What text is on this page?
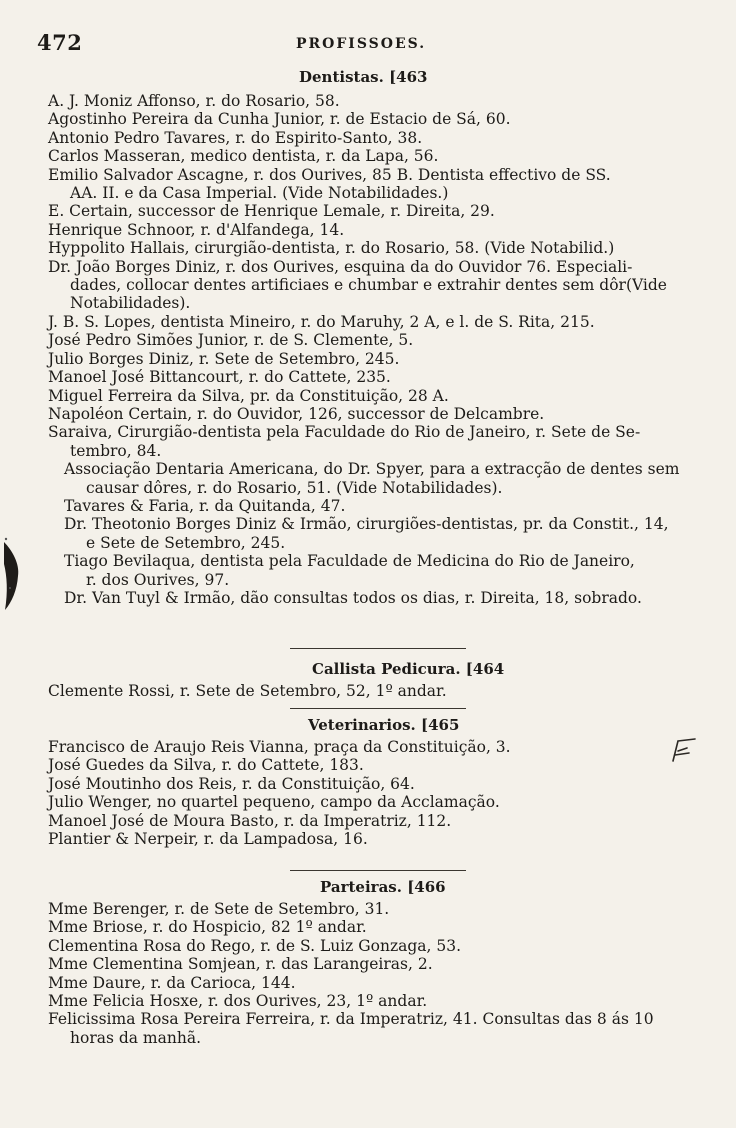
472	PROFISSOES.
Dentistas. [463
A. J. Moniz Affonso, r. do Rosario, 58.
Agostinho Pereira da Cunha Junior, r. de Estacio de Sá, 60.
Antonio Pedro Tavares, r. do Espirito-Santo, 38.
Carlos Masseran, medico dentista, r. da Lapa, 56.
Emilio Salvador Ascagne, r. dos Ourives, 85 B. Dentista effectivo de SS.
AA. II. e da Casa Imperial. (Vide Notabilidades.)
E. Certain, successor de Henrique Lemale, r. Direita, 29.
Henrique Schnoor, r. d'Alfandega, 14.
Hyppolito Hallais, cirurgião-dentista, r. do Rosario, 58. (Vide Notabilid.)
Dr. João Borges Diniz, r. dos Ourives, esquina da do Ouvidor 76. Especiali-
dades, collocar dentes artificiaes e chumbar e extrahir dentes sem dôr(Vide
Notabilidades).
J. B. S. Lopes, dentista Mineiro, r. do Maruhy, 2 A, e l. de S. Rita, 215.
José Pedro Simões Junior, r. de S. Clemente, 5.
Julio Borges Diniz, r. Sete de Setembro, 245.
Manoel José Bittancourt, r. do Cattete, 235.
Miguel Ferreira da Silva, pr. da Constituição, 28 A.
Napoléon Certain, r. do Ouvidor, 126, successor de Delcambre.
Saraiva, Cirurgião-dentista pela Faculdade do Rio de Janeiro, r. Sete de Se-
tembro, 84.
Associação Dentaria Americana, do Dr. Spyer, para a extracção de dentes sem
causar dôres, r. do Rosario, 51. (Vide Notabilidades).
Tavares & Faria, r. da Quitanda, 47.
Dr. Theotonio Borges Diniz & Irmão, cirurgiões-dentistas, pr. da Constit., 14,
e Sete de Setembro, 245.
Tiago Bevilaqua, dentista pela Faculdade de Medicina do Rio de Janeiro,
r. dos Ourives, 97.
Dr. Van Tuyl & Irmão, dão consultas todos os dias, r. Direita, 18, sobrado.
Callista Pedicura. [464
Clemente Rossi, r. Sete de Setembro, 52, 1º andar.
Veterinarios. [465
Francisco de Araujo Reis Vianna, praça da Constituição, 3.
José Guedes da Silva, r. do Cattete, 183.
José Moutinho dos Reis, r. da Constituição, 64.
Julio Wenger, no quartel pequeno, campo da Acclamação.
Manoel José de Moura Basto, r. da Imperatriz, 112.
Plantier & Nerpeir, r. da Lampadosa, 16.
Parteiras. [466
Mme Berenger, r. de Sete de Setembro, 31.
Mme Briose, r. do Hospicio, 82 1º andar.
Clementina Rosa do Rego, r. de S. Luiz Gonzaga, 53.
Mme Clementina Somjean, r. das Larangeiras, 2.
Mme Daure, r. da Carioca, 144.
Mme Felicia Hosxe, r. dos Ourives, 23, 1º andar.
Felicissima Rosa Pereira Ferreira, r. da Imperatriz, 41. Consultas das 8 ás 10
horas da manhã.
